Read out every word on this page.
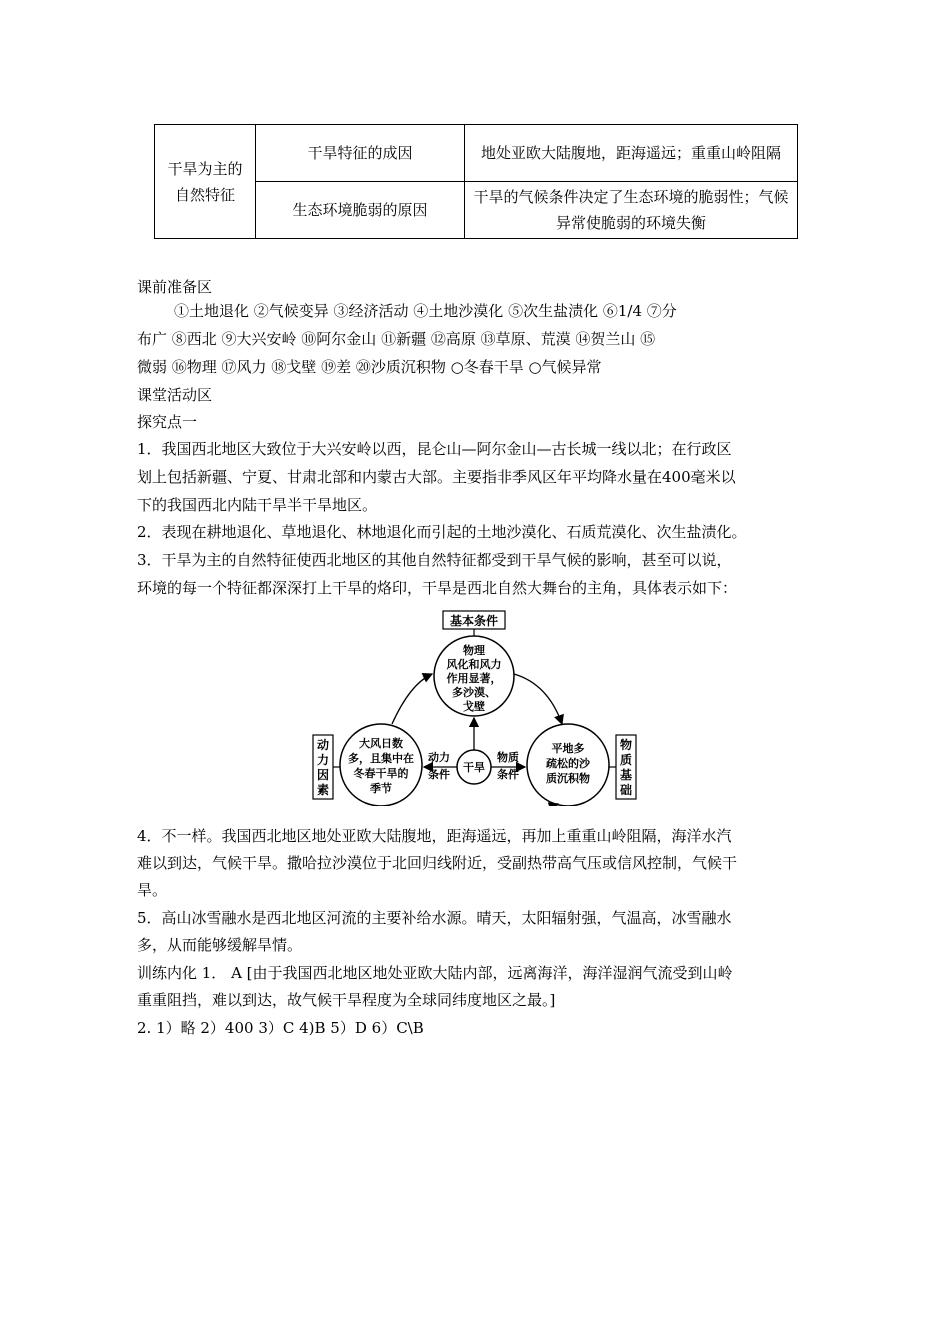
干旱为主的自然特征	干旱特征的成因	地处亚欧大陆腹地，距海遥远；重重山岭阻隔
	生态环境脆弱的原因	干旱的气候条件决定了生态环境的脆弱性；气候异常使脆弱的环境失衡
课前准备区
①土地退化 ②气候变异 ③经济活动 ④土地沙漠化 ⑤次生盐渍化 ⑥1/4 ⑦分
布广 ⑧西北 ⑨大兴安岭 ⑩阿尔金山 ⑪新疆 ⑫高原 ⑬草原、荒漠 ⑭贺兰山 ⑮
微弱 ⑯物理 ⑰风力 ⑱戈壁 ⑲差 ⑳沙质沉积物 ○冬春干旱 ○气候异常
课堂活动区
探究点一
1．我国西北地区大致位于大兴安岭以西，昆仑山—阿尔金山—古长城一线以北；在行政区
划上包括新疆、宁夏、甘肃北部和内蒙古大部。主要指非季风区年平均降水量在400毫米以
下的我国西北内陆干旱半干旱地区。
2．表现在耕地退化、草地退化、林地退化而引起的土地沙漠化、石质荒漠化、次生盐渍化。
3．干旱为主的自然特征使西北地区的其他自然特征都受到干旱气候的影响，甚至可以说，
环境的每一个特征都深深打上干旱的烙印，干旱是西北自然大舞台的主角，具体表示如下：
基本条件
动
力
因
素
物
质
基
础
物理
风化和风力
作用显著，
多沙漠、
戈壁
大风日数
多，且集中在
冬春干旱的
季节
平地多
疏松的沙
质沉积物
干旱
动力
条件
物质
条件
4．不一样。我国西北地区地处亚欧大陆腹地，距海遥远，再加上重重山岭阻隔，海洋水汽
难以到达，气候干旱。撒哈拉沙漠位于北回归线附近，受副热带高气压或信风控制，气候干
旱。
5．高山冰雪融水是西北地区河流的主要补给水源。晴天，太阳辐射强，气温高，冰雪融水
多，从而能够缓解旱情。
训练内化 1． A [由于我国西北地区地处亚欧大陆内部，远离海洋，海洋湿润气流受到山岭
重重阻挡，难以到达，故气候干旱程度为全球同纬度地区之最。]
2. 1）略 2）400 3）C 4)B 5）D 6）C\B
